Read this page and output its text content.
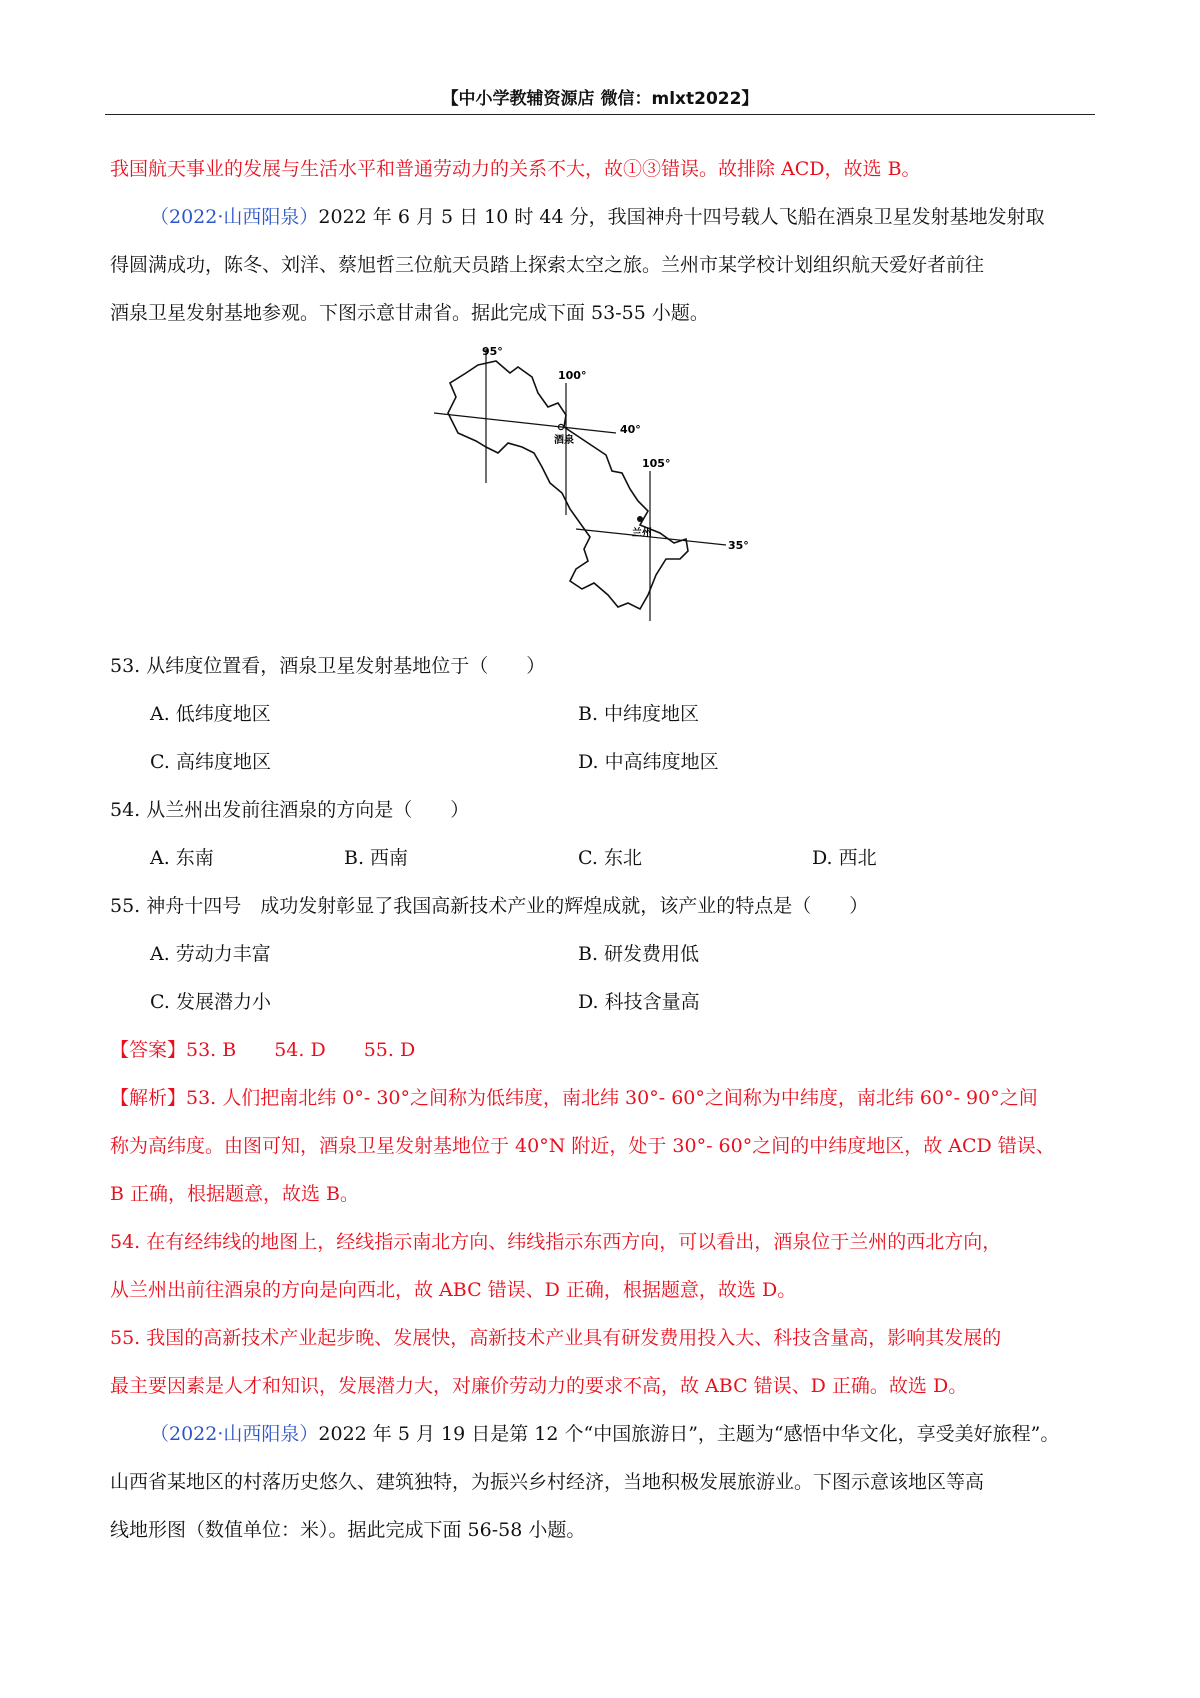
【中小学教辅资源店 微信：mlxt2022】
我国航天事业的发展与生活水平和普通劳动力的关系不大，故①③错误。故排除 ACD，故选 B。
（2022·山西阳泉）2022 年 6 月 5 日 10 时 44 分，我国神舟十四号载人飞船在酒泉卫星发射基地发射取
得圆满成功，陈冬、刘洋、蔡旭哲三位航天员踏上探索太空之旅。兰州市某学校计划组织航天爱好者前往
酒泉卫星发射基地参观。下图示意甘肃省。据此完成下面 53-55 小题。
95°
100°
105°
40°
35°
酒泉
兰州
53. 从纬度位置看，酒泉卫星发射基地位于（　　）
A. 低纬度地区	B. 中纬度地区
C. 高纬度地区	D. 中高纬度地区
54. 从兰州出发前往酒泉的方向是（　　）
A. 东南	B. 西南	C. 东北	D. 西北
55. 神舟十四号　成功发射彰显了我国高新技术产业的辉煌成就，该产业的特点是（　　）
A. 劳动力丰富	B. 研发费用低
C. 发展潜力小	D. 科技含量高
【答案】53. B　　54. D　　55. D
【解析】53. 人们把南北纬 0°- 30°之间称为低纬度，南北纬 30°- 60°之间称为中纬度，南北纬 60°- 90°之间
称为高纬度。由图可知，酒泉卫星发射基地位于 40°N 附近，处于 30°- 60°之间的中纬度地区，故 ACD 错误、
B 正确，根据题意，故选 B。
54. 在有经纬线的地图上，经线指示南北方向、纬线指示东西方向，可以看出，酒泉位于兰州的西北方向，
从兰州出前往酒泉的方向是向西北，故 ABC 错误、D 正确，根据题意，故选 D。
55. 我国的高新技术产业起步晚、发展快，高新技术产业具有研发费用投入大、科技含量高，影响其发展的
最主要因素是人才和知识，发展潜力大，对廉价劳动力的要求不高，故 ABC 错误、D 正确。故选 D。
（2022·山西阳泉）2022 年 5 月 19 日是第 12 个“中国旅游日”，主题为“感悟中华文化，享受美好旅程”。
山西省某地区的村落历史悠久、建筑独特，为振兴乡村经济，当地积极发展旅游业。下图示意该地区等高
线地形图（数值单位：米）。据此完成下面 56-58 小题。
